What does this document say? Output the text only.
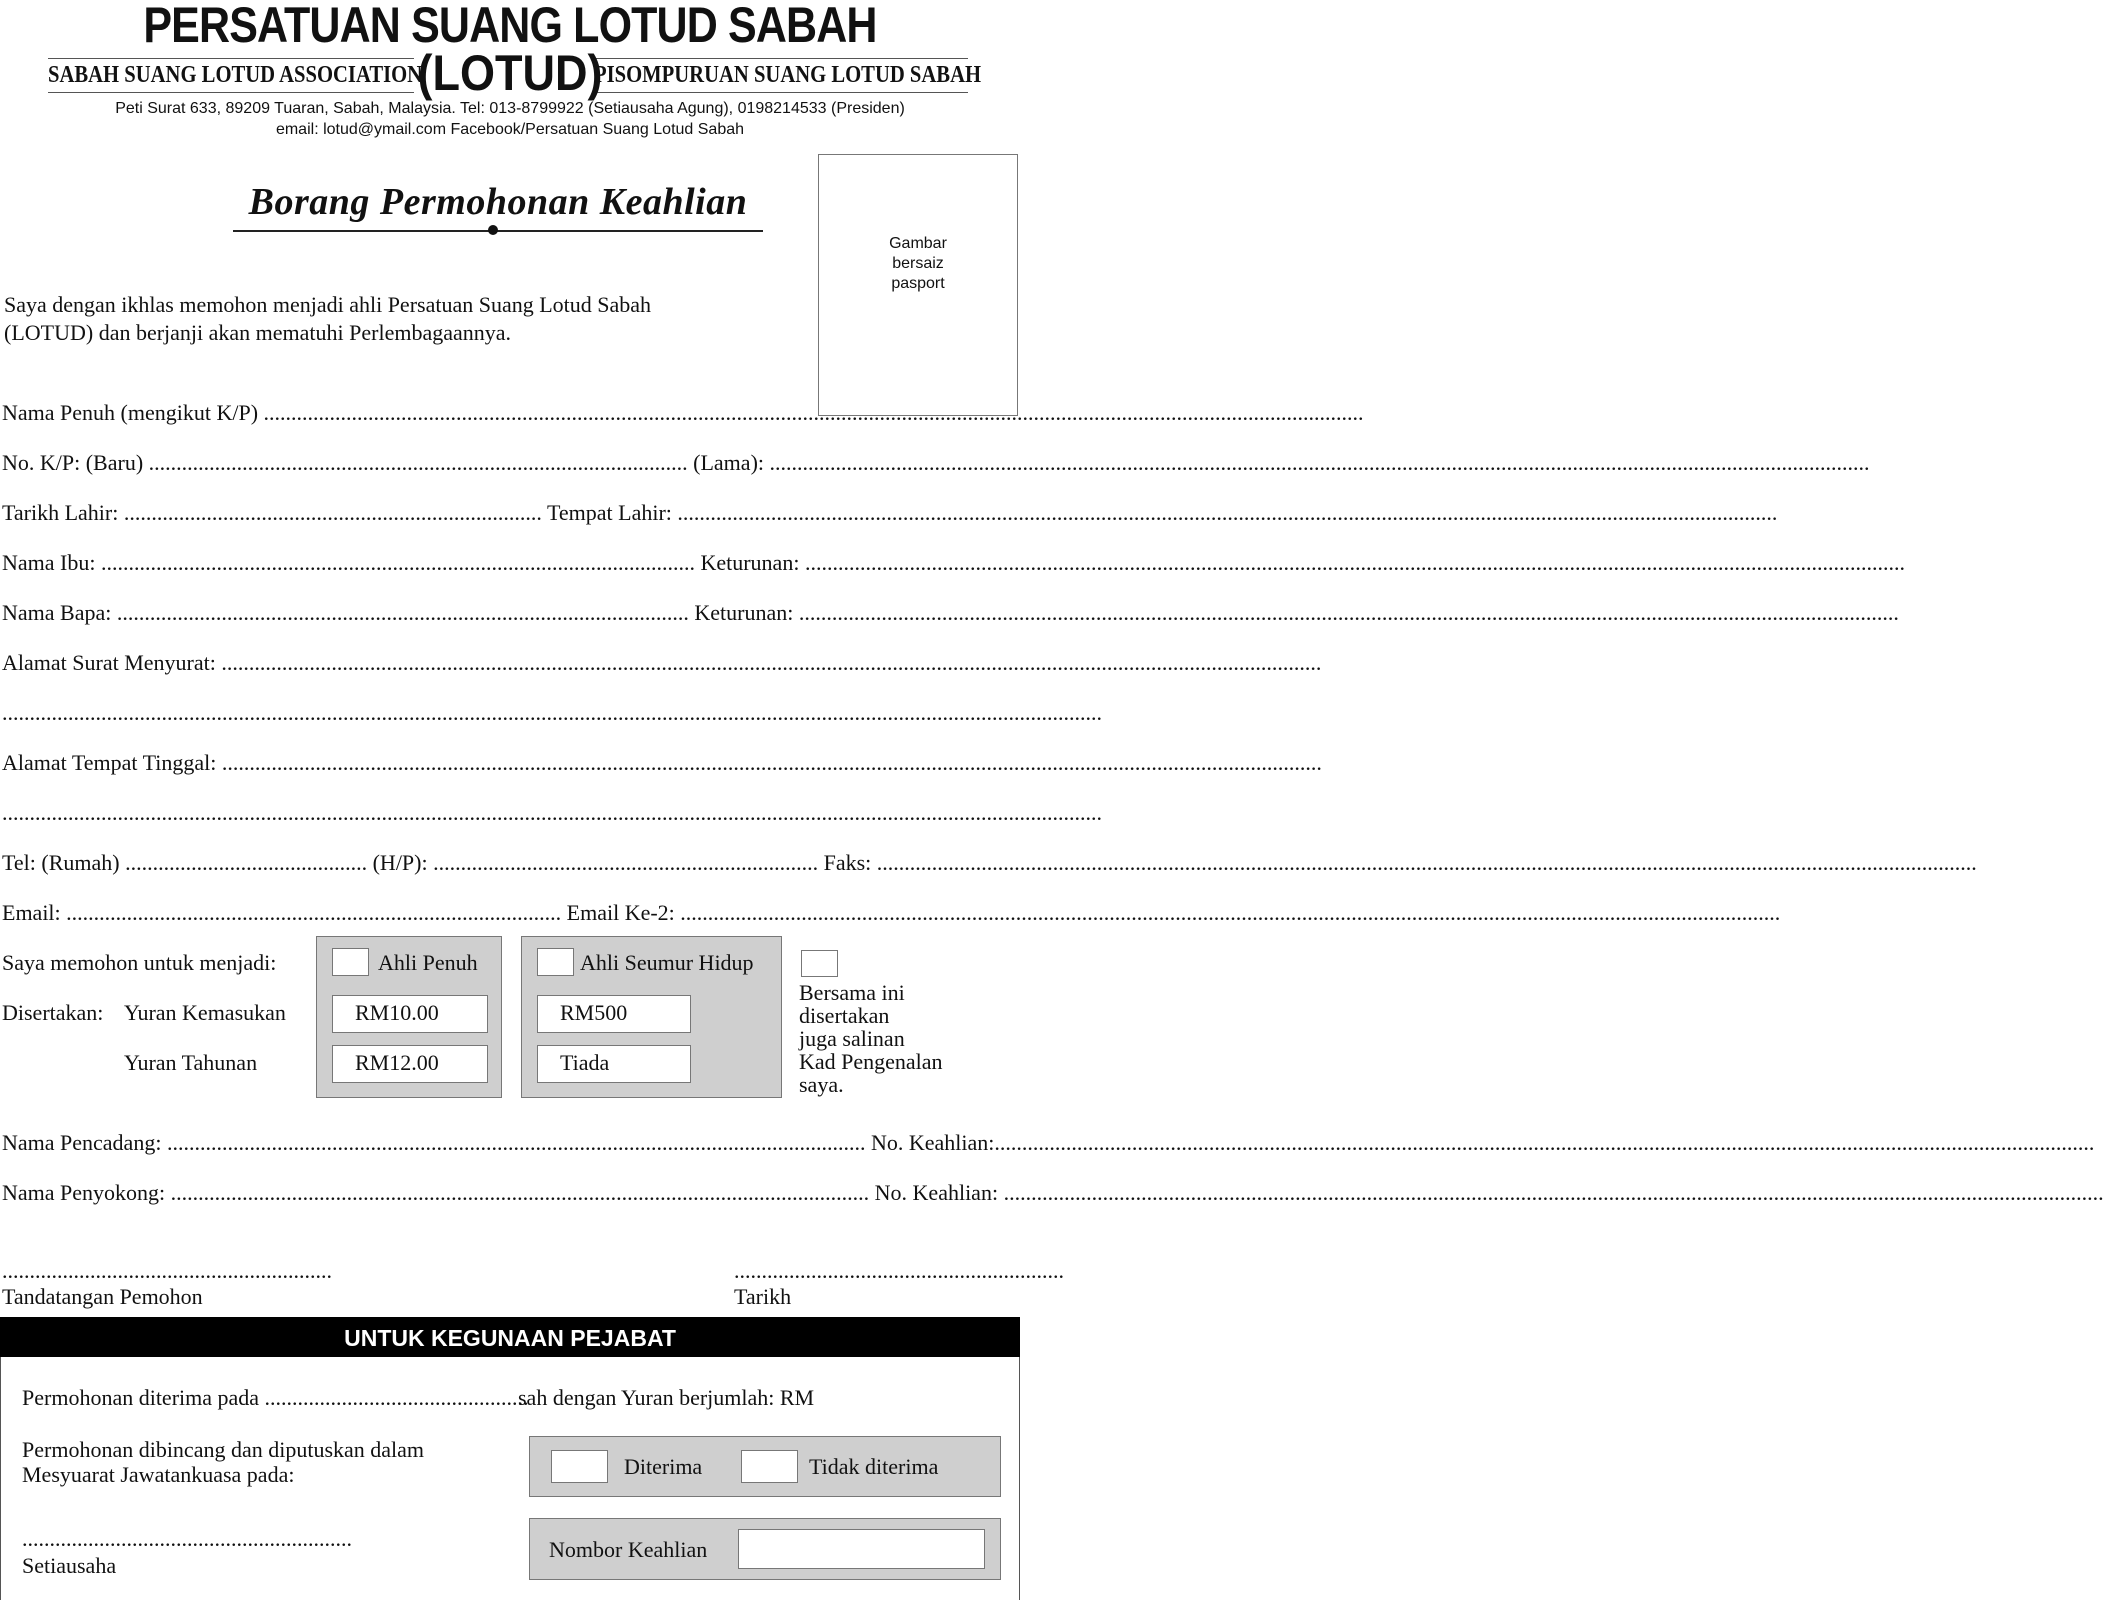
PERSATUAN SUANG LOTUD SABAH
SABAH SUANG LOTUD ASSOCIATION
(LOTUD)
PISOMPURUAN SUANG LOTUD SABAH
Peti Surat 633, 89209 Tuaran, Sabah, Malaysia. Tel: 013-8799922 (Setiausaha Agung), 0198214533 (Presiden)
email: lotud@ymail.com Facebook/Persatuan Suang Lotud Sabah
Gambar
bersaiz
pasport
Borang Permohonan Keahlian
Saya dengan ikhlas memohon menjadi ahli Persatuan Suang Lotud Sabah
(LOTUD) dan berjanji akan mematuhi Perlembagaannya.
Nama Penuh (mengikut K/P) ........................................................................................................................................................................................................
No. K/P: (Baru) .................................................................................................. (Lama): ........................................................................................................................................................................................................
Tarikh Lahir: ............................................................................ Tempat Lahir: ........................................................................................................................................................................................................
Nama Ibu: ............................................................................................................ Keturunan: ........................................................................................................................................................................................................
Nama Bapa: ........................................................................................................ Keturunan: ........................................................................................................................................................................................................
Alamat Surat Menyurat: ........................................................................................................................................................................................................
........................................................................................................................................................................................................
Alamat Tempat Tinggal: ........................................................................................................................................................................................................
........................................................................................................................................................................................................
Tel: (Rumah) ............................................ (H/P): ...................................................................... Faks: ........................................................................................................................................................................................................
Email: .......................................................................................... Email Ke-2: ........................................................................................................................................................................................................
Saya memohon untuk menjadi:
Disertakan: Yuran Kemasukan
Yuran Tahunan
Ahli Penuh
RM10.00
RM12.00
Ahli Seumur Hidup
RM500
Tiada
Bersama ini
disertakan
juga salinan
Kad Pengenalan
saya.
Nama Pencadang: ............................................................................................................................... No. Keahlian:........................................................................................................................................................................................................
Nama Penyokong: ............................................................................................................................... No. Keahlian: ........................................................................................................................................................................................................
............................................................
Tandatangan Pemohon
............................................................
Tarikh
UNTUK KEGUNAAN PEJABAT
Permohonan diterima pada ................................................
sah dengan Yuran berjumlah: RM
Permohonan dibincang dan diputuskan dalam
Mesyuarat Jawatankuasa pada:	Diterima	Tidak diterima
............................................................
Setiausaha
Nombor Keahlian
